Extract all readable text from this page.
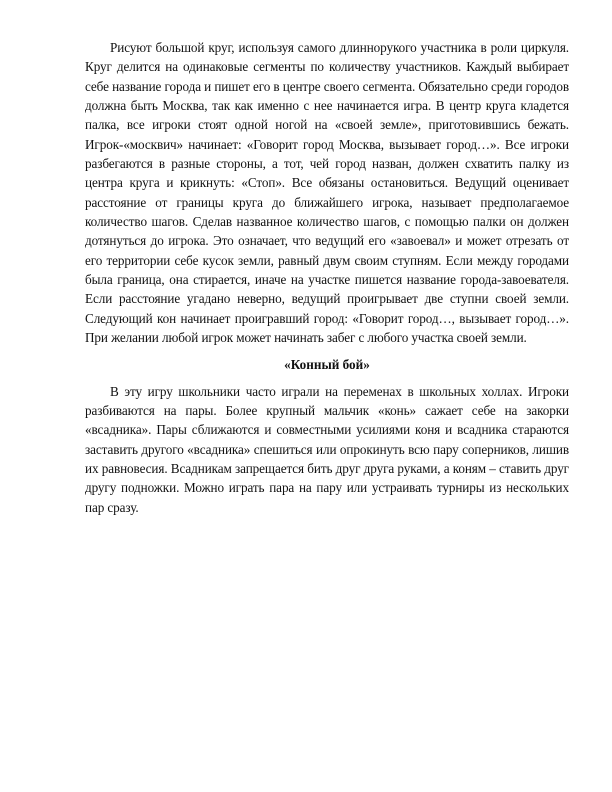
Рисуют большой круг, используя самого длиннорукого участника в роли циркуля. Круг делится на одинаковые сегменты по количеству участников. Каждый выбирает себе название города и пишет его в центре своего сегмента. Обязательно среди городов должна быть Москва, так как именно с нее начинается игра. В центр круга кладется палка, все игроки стоят одной ногой на «своей земле», приготовившись бежать. Игрок-«москвич» начинает: «Говорит город Москва, вызывает город…». Все игроки разбегаются в разные стороны, а тот, чей город назван, должен схватить палку из центра круга и крикнуть: «Стоп». Все обязаны остановиться. Ведущий оценивает расстояние от границы круга до ближайшего игрока, называет предполагаемое количество шагов. Сделав названное количество шагов, с помощью палки он должен дотянуться до игрока. Это означает, что ведущий его «завоевал» и может отрезать от его территории себе кусок земли, равный двум своим ступням. Если между городами была граница, она стирается, иначе на участке пишется название города-завоевателя. Если расстояние угадано неверно, ведущий проигрывает две ступни своей земли. Следующий кон начинает проигравший город: «Говорит город…, вызывает город…». При желании любой игрок может начинать забег с любого участка своей земли.

«Конный бой»

В эту игру школьники часто играли на переменах в школьных холлах. Игроки разбиваются на пары. Более крупный мальчик «конь» сажает себе на закорки «всадника». Пары сближаются и совместными усилиями коня и всадника стараются заставить другого «всадника» спешиться или опрокинуть всю пару соперников, лишив их равновесия. Всадникам запрещается бить друг друга руками, а коням – ставить друг другу подножки. Можно играть пара на пару или устраивать турниры из нескольких пар сразу.
